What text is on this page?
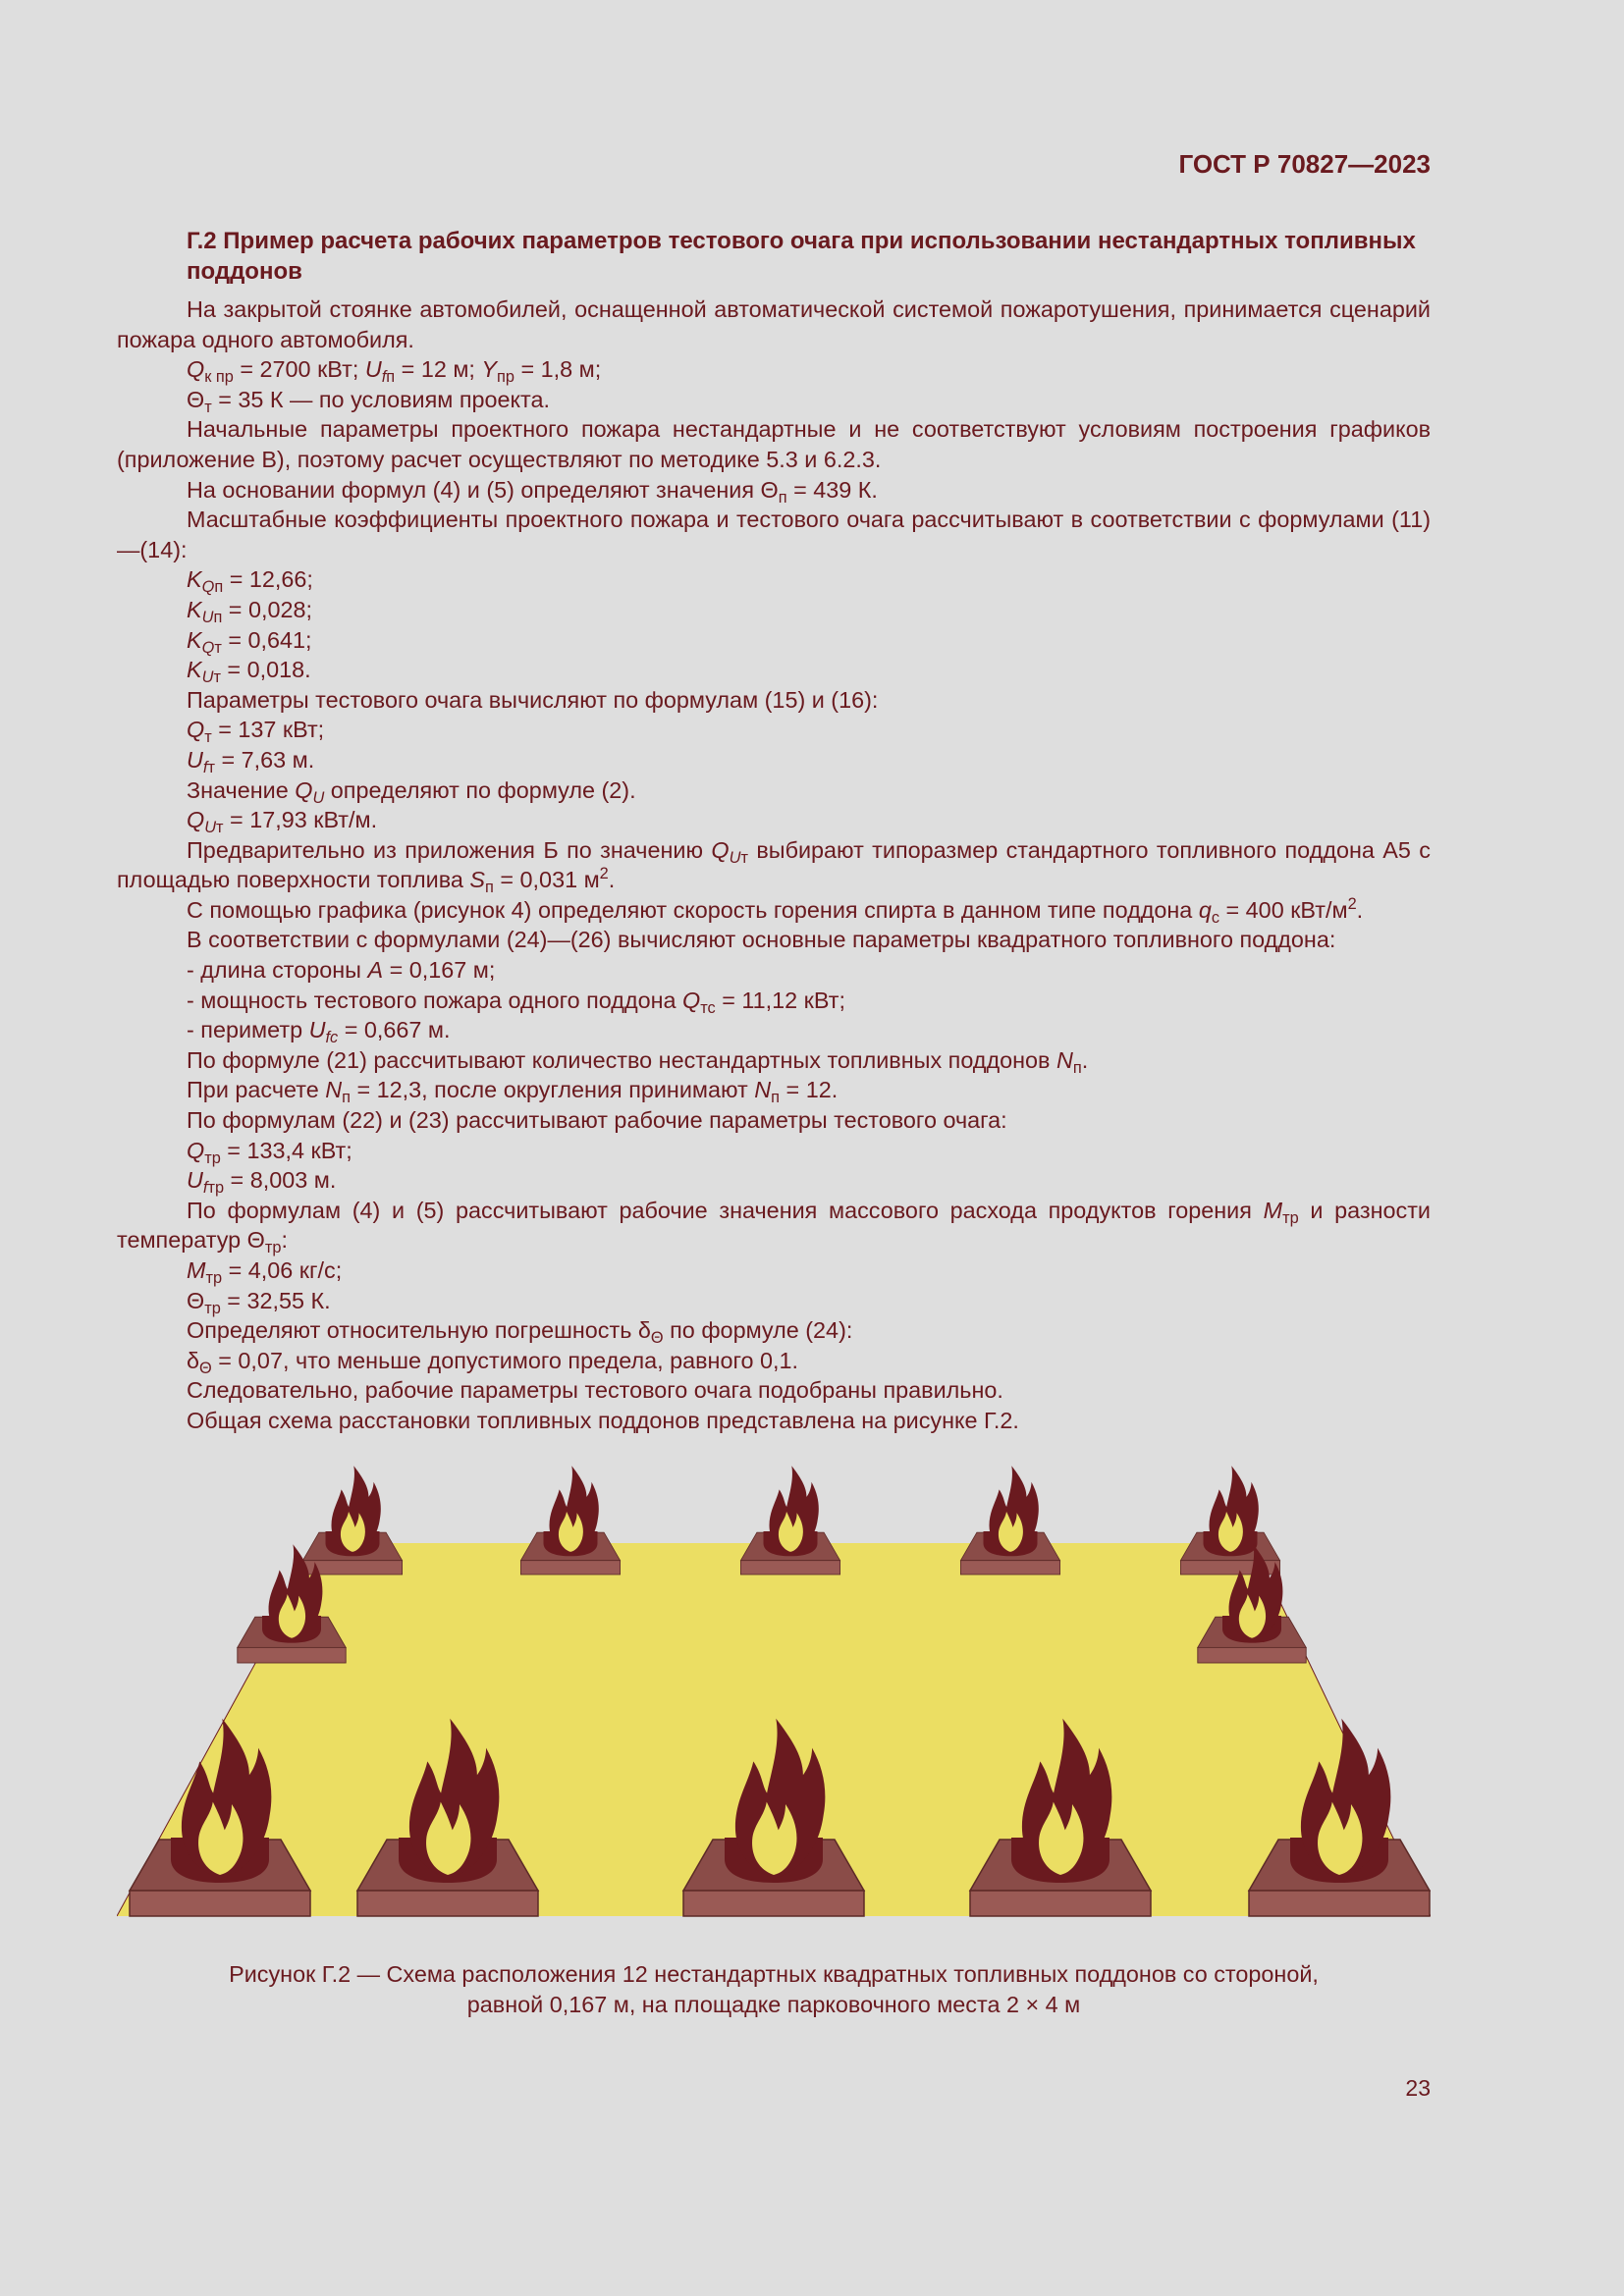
ГОСТ Р 70827—2023
Г.2 Пример расчета рабочих параметров тестового очага при использовании нестандартных топливных поддонов

На закрытой стоянке автомобилей, оснащенной автоматической системой пожаротушения, принимается сценарий пожара одного автомобиля.

$Q_{к пр} = 2700$ кВт; $U_{fп} = 12$ м; $Y_{пр} = 1,8$ м;
$\Theta_т = 35$ К — по условиям проекта.

Начальные параметры проектного пожара нестандартные и не соответствуют условиям построения графиков (приложение В), поэтому расчет осуществляют по методике 5.3 и 6.2.3.

На основании формул (4) и (5) определяют значения $\Theta_п = 439$ К.

Масштабные коэффициенты проектного пожара и тестового очага рассчитывают в соответствии с формулами (11)—(14):

$K_{Qп} = 12,66$;
$K_{Uп} = 0,028$;
$K_{Qт} = 0,641$;
$K_{Uт} = 0,018$.
Параметры тестового очага вычисляют по формулам (15) и (16):
$Q_т = 137$ кВт;
$U_{fт} = 7,63$ м.
Значение $Q_U$ определяют по формуле (2).
$Q_{Uт} = 17,93$ кВт/м.

Предварительно из приложения Б по значению $Q_{Uт}$ выбирают типоразмер стандартного топливного поддона А5 с площадью поверхности топлива $S_п = 0,031$ $м^2$.

С помощью графика (рисунок 4) определяют скорость горения спирта в данном типе поддона $q_с = 400$ кВт/$м^2$.
В соответствии с формулами (24)—(26) вычисляют основные параметры квадратного топливного поддона:
- длина стороны A = 0,167 м;
- мощность тестового пожара одного поддона $Q_{тс} = 11,12$ кВт;
- периметр $U_{fc} = 0,667$ м.
По формуле (21) рассчитывают количество нестандартных топливных поддонов $N_п$.
При расчете $N_п = 12,3$, после округления принимают $N_п = 12$.
По формулам (22) и (23) рассчитывают рабочие параметры тестового очага:
$Q_{тр} = 133,4$ кВт;
$U_{fтр} = 8,003$ м.

По формулам (4) и (5) рассчитывают рабочие значения массового расхода продуктов горения $M_{тр}$ и разности температур $\Theta_{тр}$:

$M_{тр} = 4,06$ кг/с;
$\Theta_{тр} = 32,55$ К.
Определяют относительную погрешность $\delta_\Theta$ по формуле (24):
$\delta_\Theta = 0,07$, что меньше допустимого предела, равного 0,1.
Следовательно, рабочие параметры тестового очага подобраны правильно.
Общая схема расстановки топливных поддонов представлена на рисунке Г.2.
Рисунок Г.2 — Схема расположения 12 нестандартных квадратных топливных поддонов со стороной,
равной 0,167 м, на площадке парковочного места 2 × 4 м
23
